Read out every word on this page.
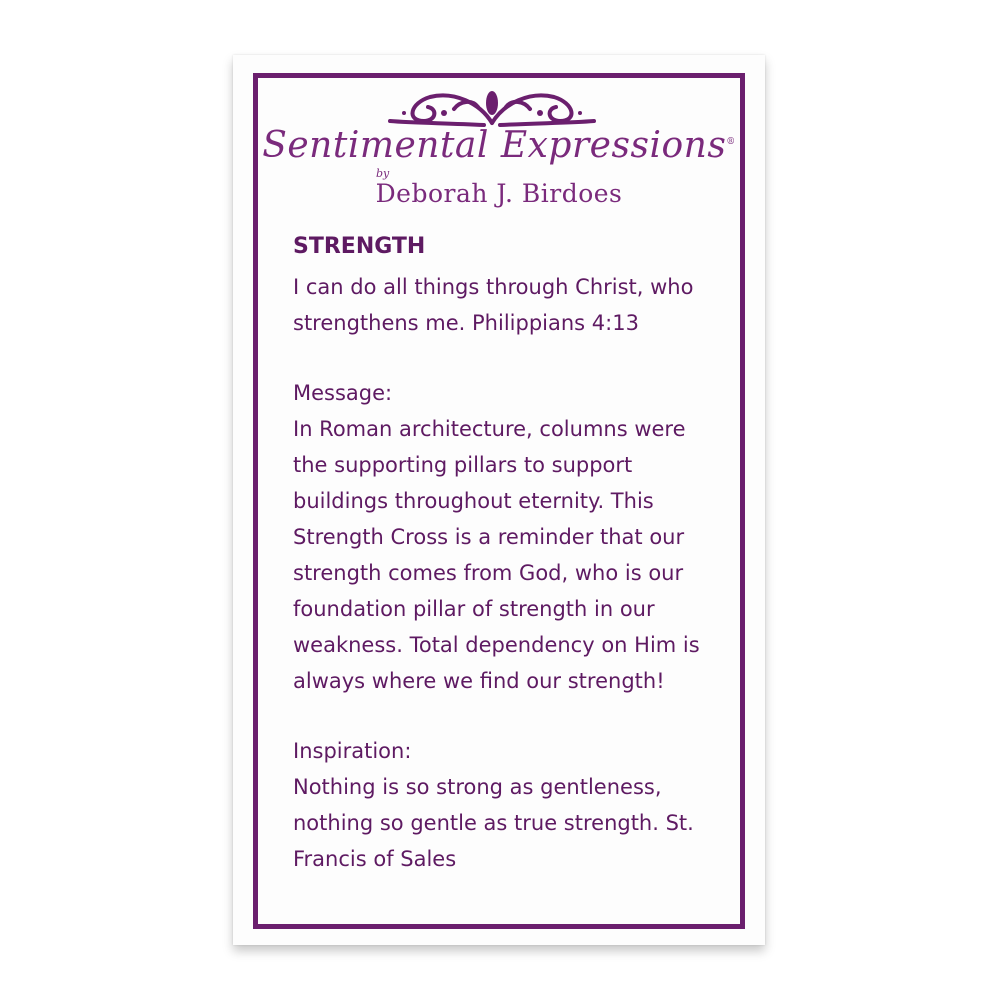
Sentimental Expressions®
by
Deborah J. Birdoes
STRENGTH

I can do all things through Christ, who strengthens me. Philippians 4:13

Message:

In Roman architecture, columns were the supporting pillars to support buildings throughout eternity. This Strength Cross is a reminder that our strength comes from God, who is our foundation pillar of strength in our weakness. Total dependency on Him is always where we find our strength!

Inspiration:

Nothing is so strong as gentleness, nothing so gentle as true strength. St. Francis of Sales
